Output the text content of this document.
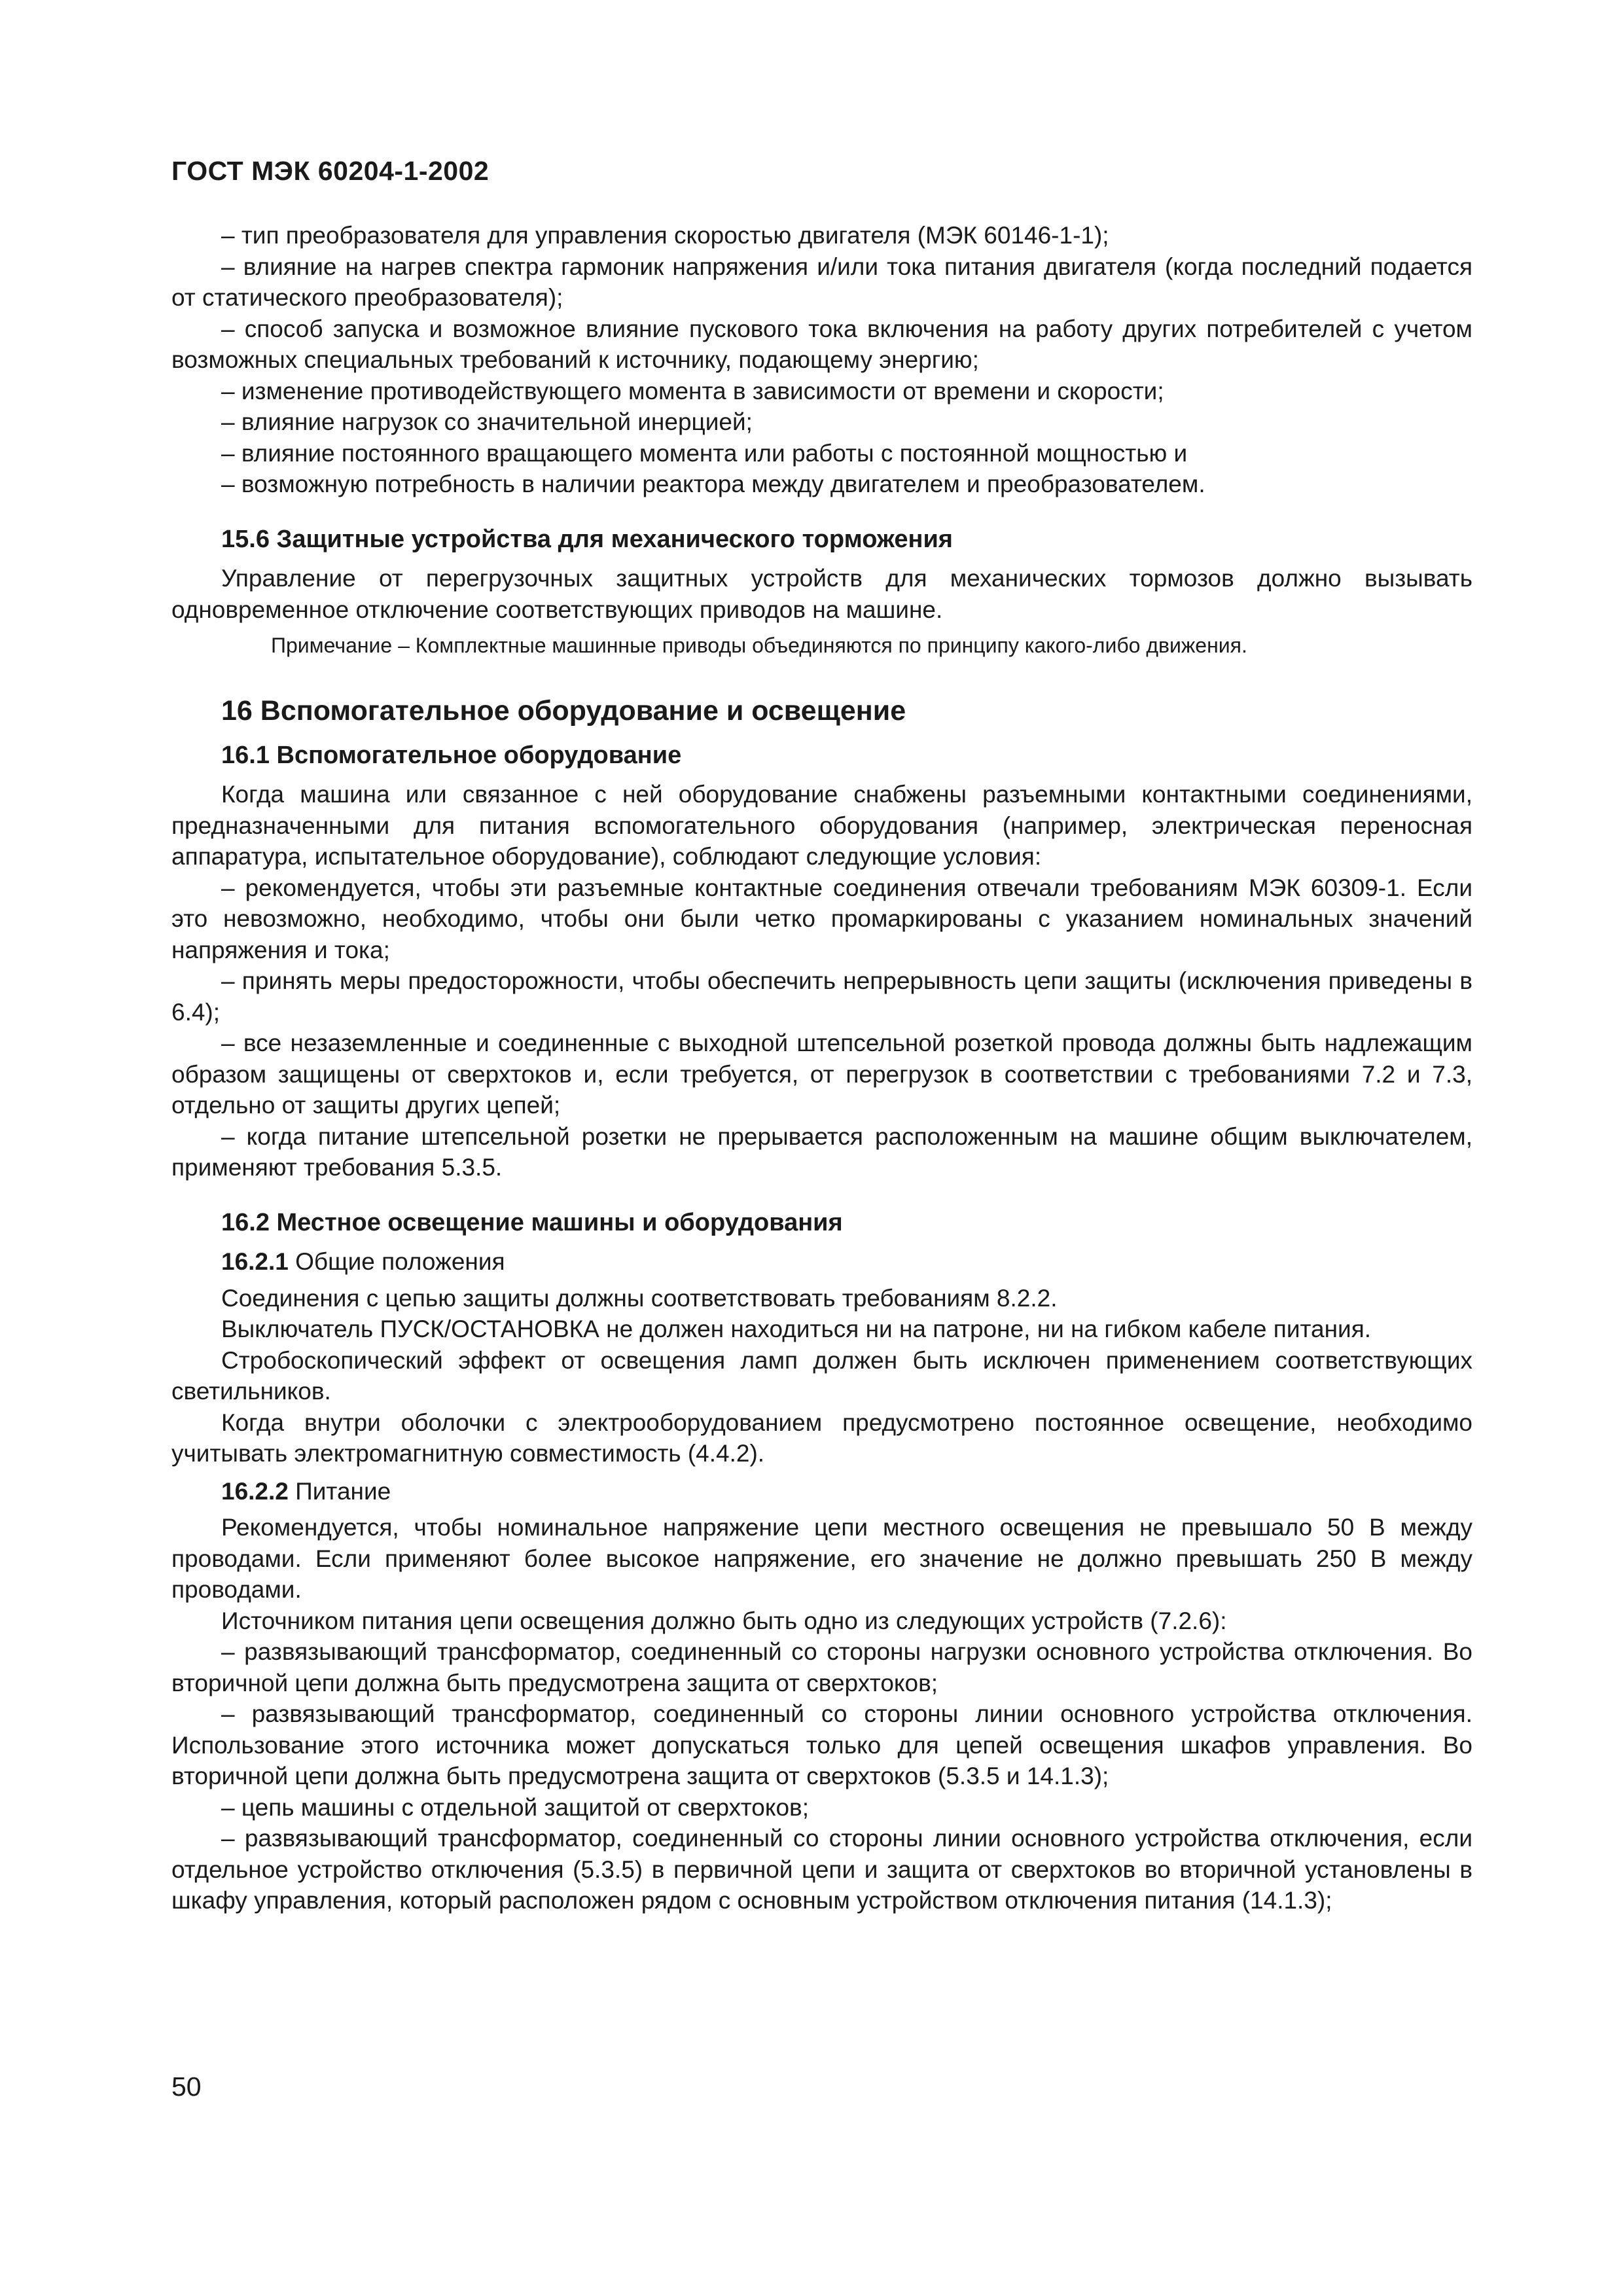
ГОСТ МЭК 60204-1-2002

– тип преобразователя для управления скоростью двигателя (МЭК 60146-1-1);

– влияние на нагрев спектра гармоник напряжения и/или тока питания двигателя (когда последний подается от статического преобразователя);

– способ запуска и возможное влияние пускового тока включения на работу других потребителей с учетом возможных специальных требований к источнику, подающему энергию;

– изменение противодействующего момента в зависимости от времени и скорости;

– влияние нагрузок со значительной инерцией;

– влияние постоянного вращающего момента или работы с постоянной мощностью и

– возможную потребность в наличии реактора между двигателем и преобразователем.

15.6 Защитные устройства для механического торможения

Управление от перегрузочных защитных устройств для механических тормозов должно вызывать одновременное отключение соответствующих приводов на машине.

Примечание – Комплектные машинные приводы объединяются по принципу какого-либо движения.

16 Вспомогательное оборудование и освещение
16.1 Вспомогательное оборудование

Когда машина или связанное с ней оборудование снабжены разъемными контактными соединениями, предназначенными для питания вспомогательного оборудования (например, электрическая переносная аппаратура, испытательное оборудование), соблюдают следующие условия:

– рекомендуется, чтобы эти разъемные контактные соединения отвечали требованиям МЭК 60309-1. Если это невозможно, необходимо, чтобы они были четко промаркированы с указанием номинальных значений напряжения и тока;

– принять меры предосторожности, чтобы обеспечить непрерывность цепи защиты (исключения приведены в 6.4);

– все незаземленные и соединенные с выходной штепсельной розеткой провода должны быть надлежащим образом защищены от сверхтоков и, если требуется, от перегрузок в соответствии с требованиями 7.2 и 7.3, отдельно от защиты других цепей;

– когда питание штепсельной розетки не прерывается расположенным на машине общим выключателем, применяют требования 5.3.5.

16.2 Местное освещение машины и оборудования

16.2.1 Общие положения

Соединения с цепью защиты должны соответствовать требованиям 8.2.2.

Выключатель ПУСК/ОСТАНОВКА не должен находиться ни на патроне, ни на гибком кабеле питания.

Стробоскопический эффект от освещения ламп должен быть исключен применением соответствующих светильников.

Когда внутри оболочки с электрооборудованием предусмотрено постоянное освещение, необходимо учитывать электромагнитную совместимость (4.4.2).

16.2.2 Питание

Рекомендуется, чтобы номинальное напряжение цепи местного освещения не превышало 50 В между проводами. Если применяют более высокое напряжение, его значение не должно превышать 250 В между проводами.

Источником питания цепи освещения должно быть одно из следующих устройств (7.2.6):

– развязывающий трансформатор, соединенный со стороны нагрузки основного устройства отключения. Во вторичной цепи должна быть предусмотрена защита от сверхтоков;

– развязывающий трансформатор, соединенный со стороны линии основного устройства отключения. Использование этого источника может допускаться только для цепей освещения шкафов управления. Во вторичной цепи должна быть предусмотрена защита от сверхтоков (5.3.5 и 14.1.3);

– цепь машины с отдельной защитой от сверхтоков;

– развязывающий трансформатор, соединенный со стороны линии основного устройства отключения, если отдельное устройство отключения (5.3.5) в первичной цепи и защита от сверхтоков во вторичной установлены в шкафу управления, который расположен рядом с основным устройством отключения питания (14.1.3);

50
